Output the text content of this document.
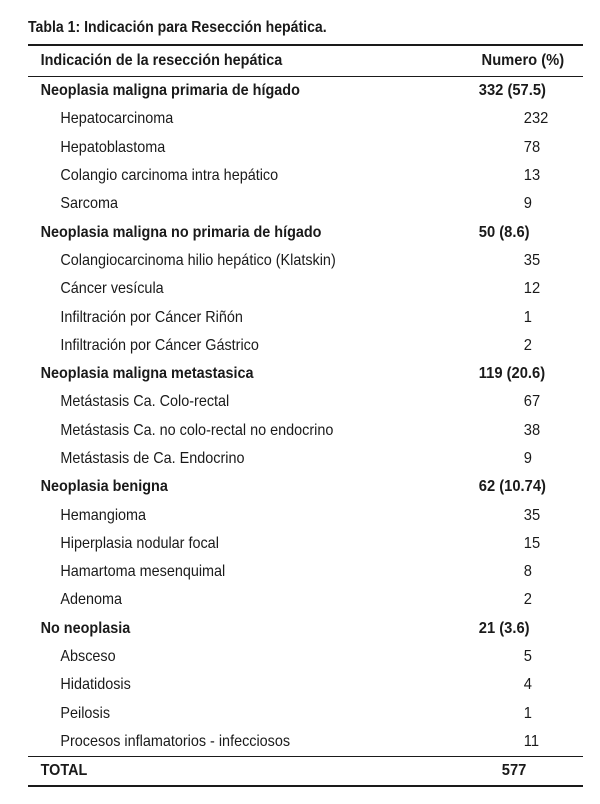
Tabla 1: Indicación para Resección hepática.
Indicación de la resección hepática	Numero (%)
Neoplasia maligna primaria de hígado	332 (57.5)
Hepatocarcinoma	232
Hepatoblastoma	78
Colangio carcinoma intra hepático	13
Sarcoma	9
Neoplasia maligna no primaria de hígado	50 (8.6)
Colangiocarcinoma hilio hepático (Klatskin)	35
Cáncer vesícula	12
Infiltración por Cáncer Riñón	1
Infiltración por Cáncer Gástrico	2
Neoplasia maligna metastasica	119 (20.6)
Metástasis Ca. Colo-rectal	67
Metástasis Ca. no colo-rectal no endocrino	38
Metástasis de Ca. Endocrino	9
Neoplasia benigna	62 (10.74)
Hemangioma	35
Hiperplasia nodular focal	15
Hamartoma mesenquimal	8
Adenoma	2
No neoplasia	21 (3.6)
Absceso	5
Hidatidosis	4
Peilosis	1
Procesos inflamatorios - infecciosos	11
TOTAL	577
